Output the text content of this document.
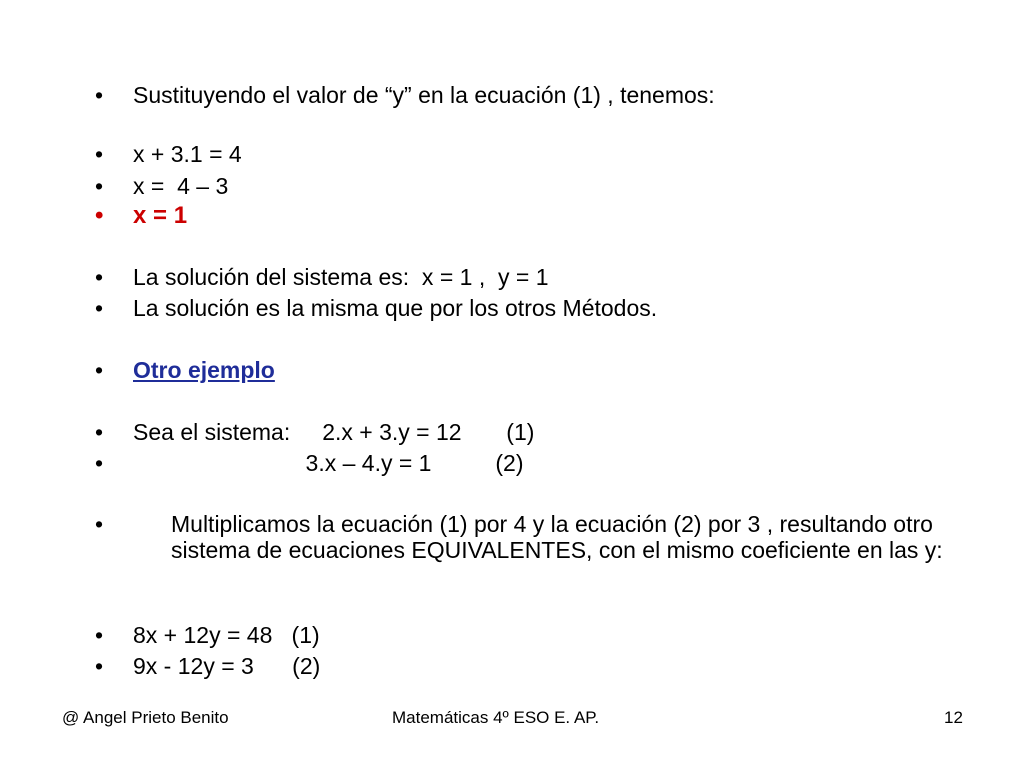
•

	Sustituyendo el valor de “y” en la ecuación (1) , tenemos:

•

	x + 3.1 = 4

•

	x =  4 – 3

•

	x = 1

•

	La solución del sistema es:  x = 1 ,  y = 1

•

	La solución es la misma que por los otros Métodos.

•

	Otro ejemplo

•

	Sea el sistema:     2.x + 3.y = 12       (1)

•

	3.x – 4.y = 1          (2)

•	Multiplicamos la ecuación (1) por 4 y la ecuación (2) por 3 , resultando otro sistema de ecuaciones EQUIVALENTES, con el mismo coeficiente en las y:

•

	8x + 12y = 48   (1)

•

	9x - 12y = 3      (2)

@ Angel Prieto Benito	Matemáticas 4º ESO E. AP.	12
